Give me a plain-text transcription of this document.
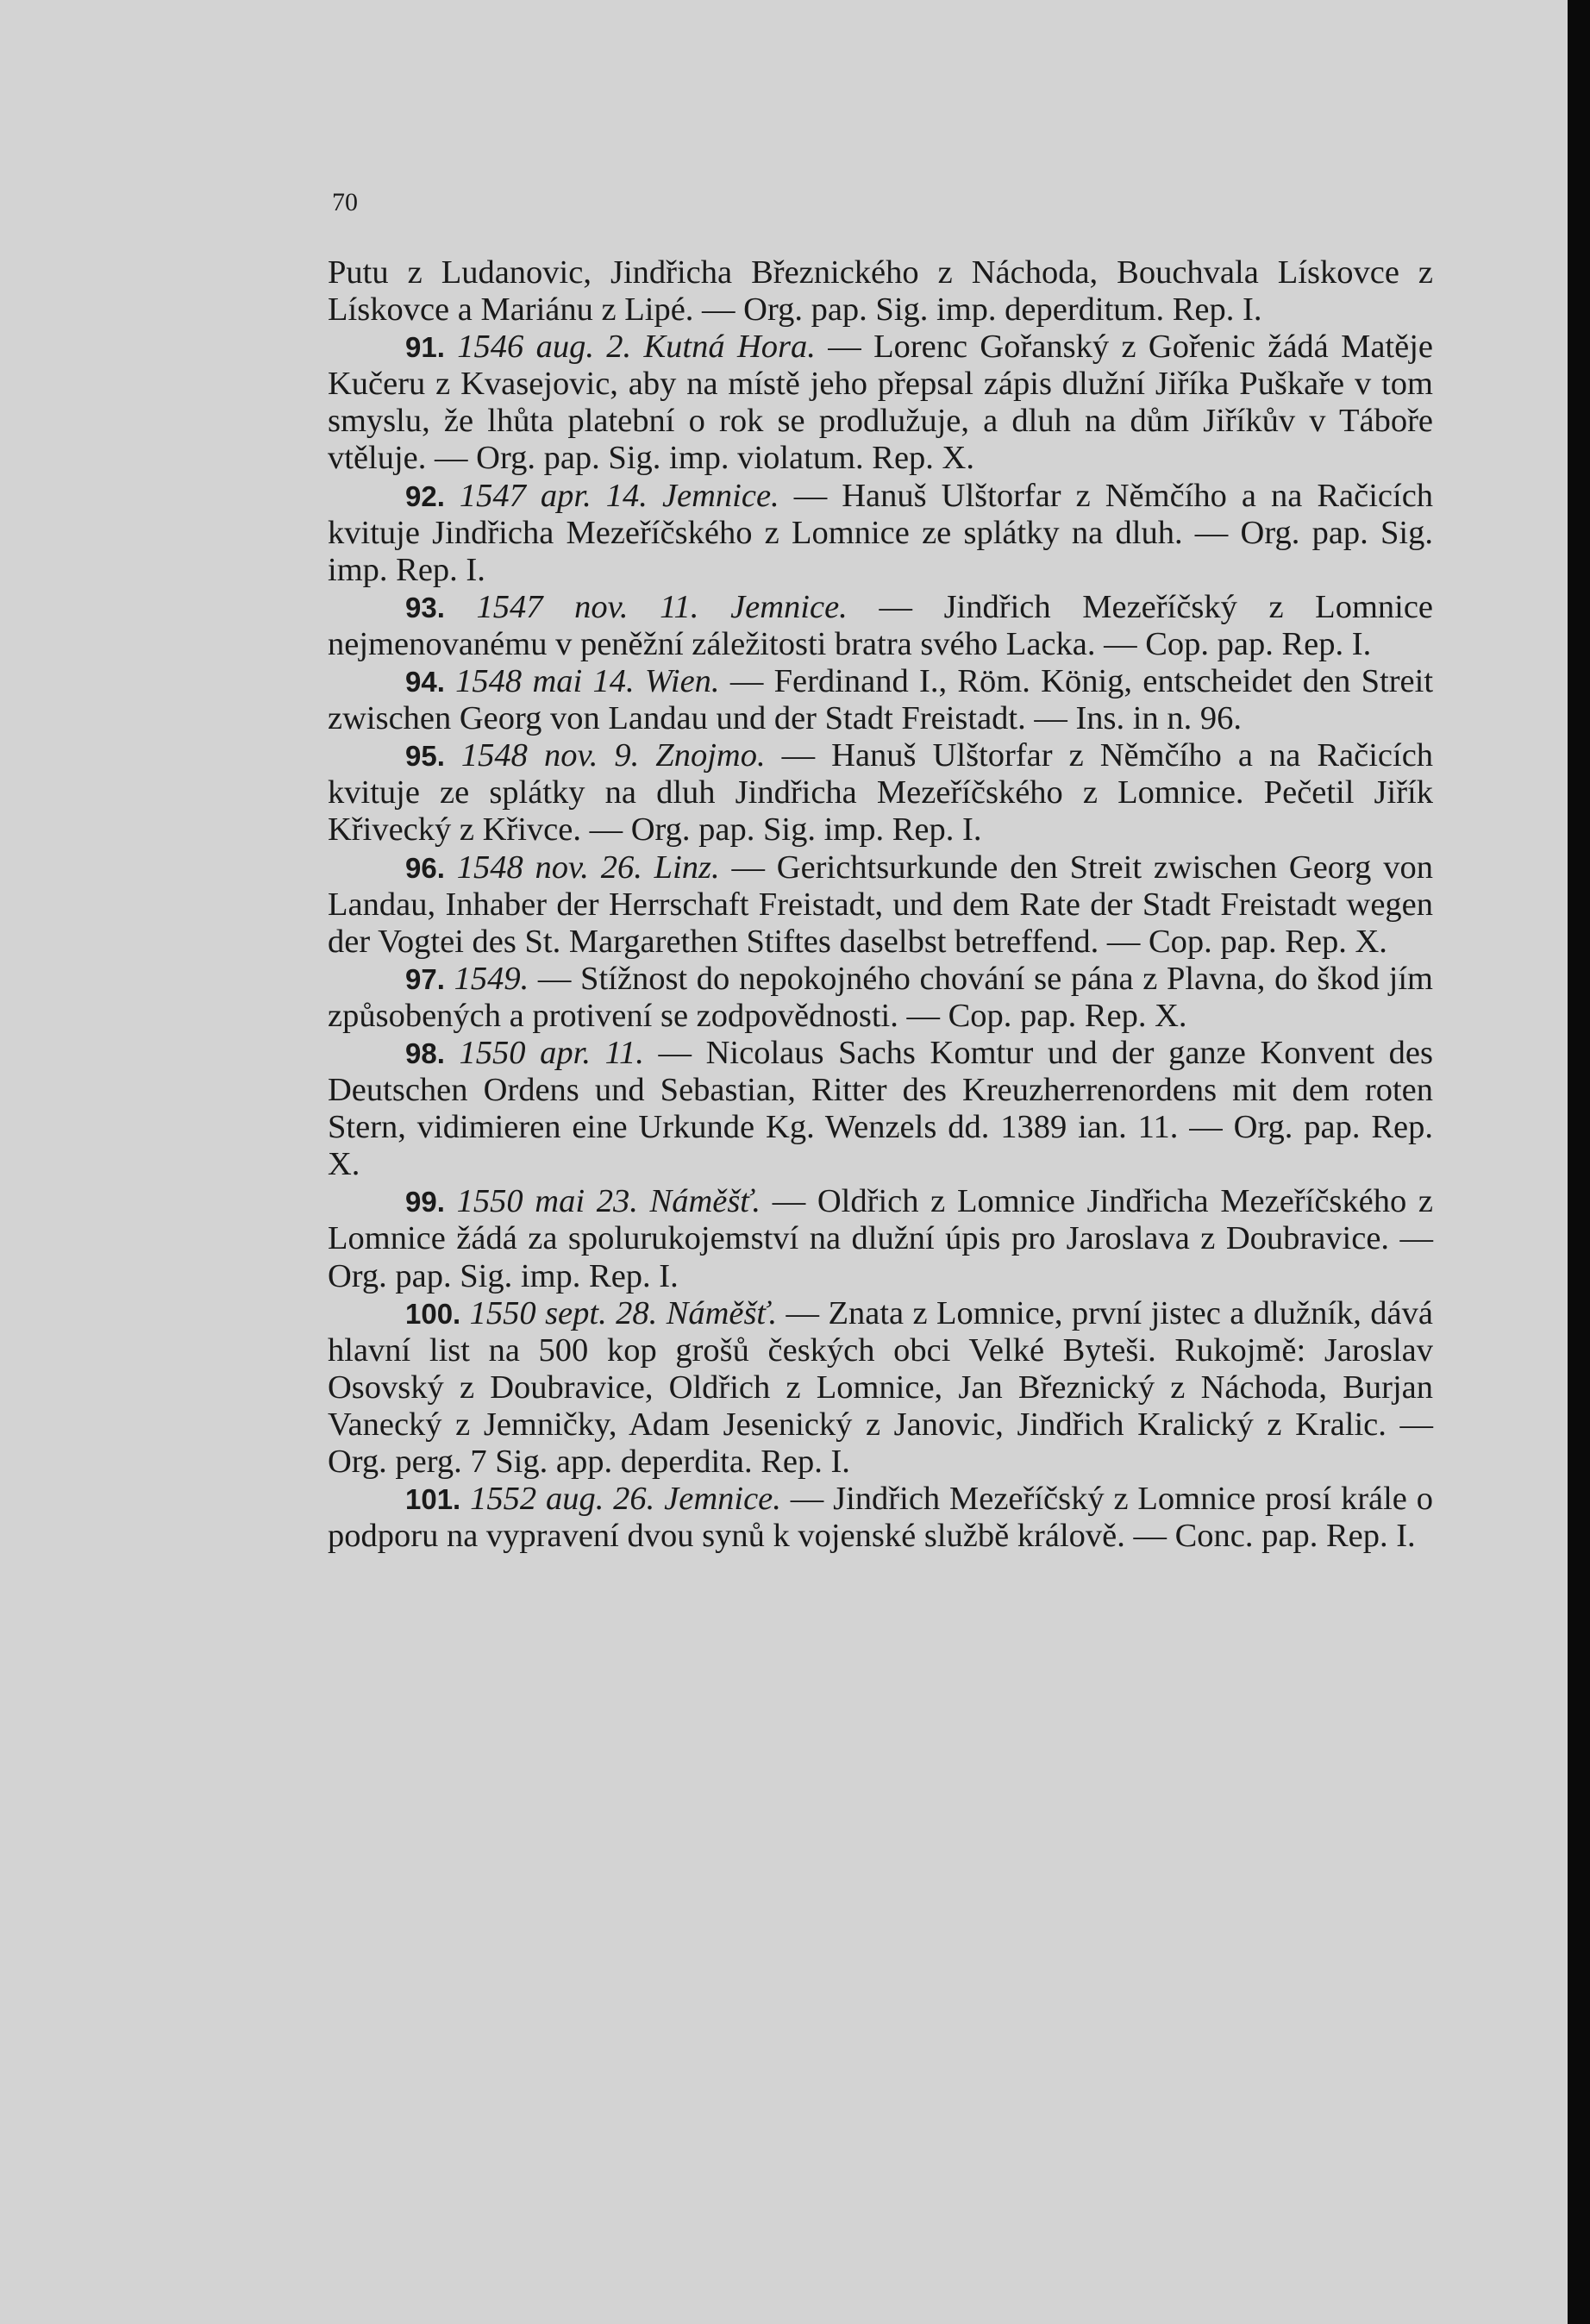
70

Putu z Ludanovic, Jindřicha Březnického z Náchoda, Bouchvala Lískovce z Lískovce a Mariánu z Lipé. — Org. pap. Sig. imp. deperditum. Rep. I.

91. 1546 aug. 2. Kutná Hora. — Lorenc Gořanský z Gořenic žádá Matěje Kučeru z Kvasejovic, aby na místě jeho přepsal zápis dlužní Jiříka Puškaře v tom smyslu, že lhůta platební o rok se prodlužuje, a dluh na dům Jiříkův v Táboře vtěluje. — Org. pap. Sig. imp. violatum. Rep. X.

92. 1547 apr. 14. Jemnice. — Hanuš Ulštorfar z Němčího a na Račicích kvituje Jindřicha Mezeříčského z Lomnice ze splátky na dluh. — Org. pap. Sig. imp. Rep. I.

93. 1547 nov. 11. Jemnice. — Jindřich Mezeříčský z Lomnice nejmenovanému v peněžní záležitosti bratra svého Lacka. — Cop. pap. Rep. I.

94. 1548 mai 14. Wien. — Ferdinand I., Röm. König, entscheidet den Streit zwischen Georg von Landau und der Stadt Freistadt. — Ins. in n. 96.

95. 1548 nov. 9. Znojmo. — Hanuš Ulštorfar z Němčího a na Račicích kvituje ze splátky na dluh Jindřicha Mezeříčského z Lomnice. Pečetil Jiřík Křivecký z Křivce. — Org. pap. Sig. imp. Rep. I.

96. 1548 nov. 26. Linz. — Gerichtsurkunde den Streit zwischen Georg von Landau, Inhaber der Herrschaft Freistadt, und dem Rate der Stadt Freistadt wegen der Vogtei des St. Margarethen Stiftes daselbst betreffend. — Cop. pap. Rep. X.

97. 1549. — Stížnost do nepokojného chování se pána z Plavna, do škod jím způsobených a protivení se zodpovědnosti. — Cop. pap. Rep. X.

98. 1550 apr. 11. — Nicolaus Sachs Komtur und der ganze Konvent des Deutschen Ordens und Sebastian, Ritter des Kreuzherrenordens mit dem roten Stern, vidimieren eine Urkunde Kg. Wenzels dd. 1389 ian. 11. — Org. pap. Rep. X.

99. 1550 mai 23. Náměšť. — Oldřich z Lomnice Jindřicha Mezeříčského z Lomnice žádá za spolurukojemství na dlužní úpis pro Jaroslava z Doubravice. — Org. pap. Sig. imp. Rep. I.

100. 1550 sept. 28. Náměšť. — Znata z Lomnice, první jistec a dlužník, dává hlavní list na 500 kop grošů českých obci Velké Byteši. Rukojmě: Jaroslav Osovský z Doubravice, Oldřich z Lomnice, Jan Březnický z Náchoda, Burjan Vanecký z Jemničky, Adam Jesenický z Janovic, Jindřich Kralický z Kralic. — Org. perg. 7 Sig. app. deperdita. Rep. I.

101. 1552 aug. 26. Jemnice. — Jindřich Mezeříčský z Lomnice prosí krále o podporu na vypravení dvou synů k vojenské službě králově. — Conc. pap. Rep. I.
